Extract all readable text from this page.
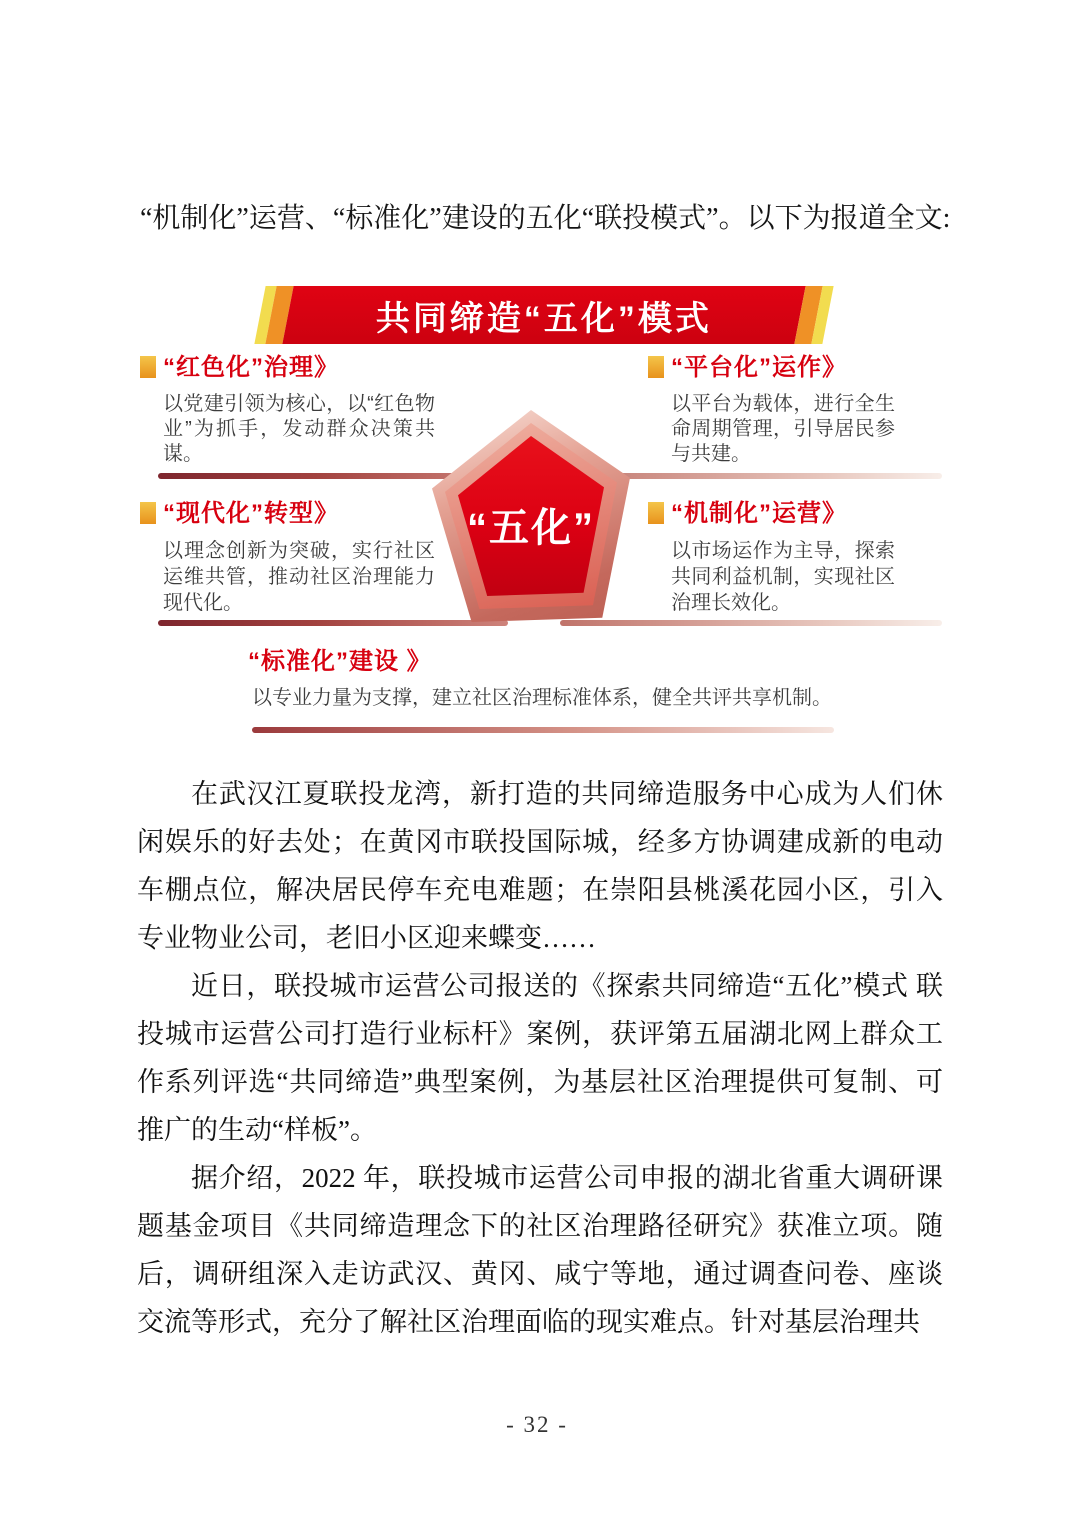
“机制化”运营、“标准化”建设的五化“联投模式”。以下为报道全文:

共同缔造“五化”模式
“红色化”治理》

以党建引领为核心，以“红色物业”为抓手，发动群众决策共谋。

“平台化”运作》

以平台为载体，进行全生命周期管理，引导居民参与共建。

“现代化”转型》

以理念创新为突破，实行社区运维共管，推动社区治理能力现代化。

“机制化”运营》

以市场运作为主导，探索共同利益机制，实现社区治理长效化。

“五化”
“标准化”建设 》

以专业力量为支撑，建立社区治理标准体系，健全共评共享机制。

在武汉江夏联投龙湾，新打造的共同缔造服务中心成为人们休闲娱乐的好去处；在黄冈市联投国际城，经多方协调建成新的电动车棚点位，解决居民停车充电难题；在崇阳县桃溪花园小区，引入专业物业公司，老旧小区迎来蝶变……

近日，联投城市运营公司报送的《探索共同缔造“五化”模式 联投城市运营公司打造行业标杆》案例，获评第五届湖北网上群众工作系列评选“共同缔造”典型案例，为基层社区治理提供可复制、可推广的生动“样板”。

据介绍，2022 年，联投城市运营公司申报的湖北省重大调研课题基金项目《共同缔造理念下的社区治理路径研究》获准立项。随后，调研组深入走访武汉、黄冈、咸宁等地，通过调查问卷、座谈交流等形式，充分了解社区治理面临的现实难点。针对基层治理共

- 32 -
